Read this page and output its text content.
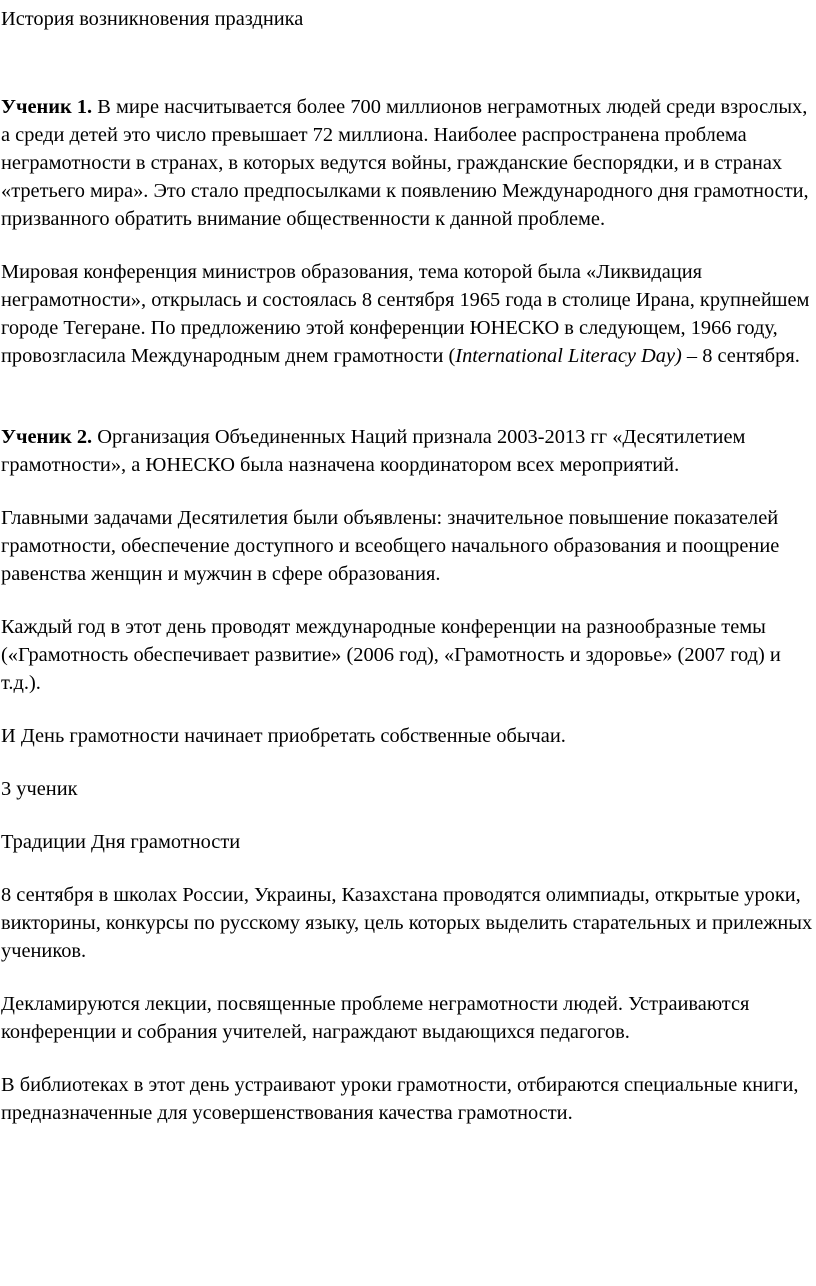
История возникновения праздника

Ученик 1. В мире насчитывается более 700 миллионов неграмотных людей среди взрослых, а среди детей это число превышает 72 миллиона. Наиболее распространена проблема неграмотности в странах, в которых ведутся войны, гражданские беспорядки, и в странах «третьего мира». Это стало предпосылками к появлению Международного дня грамотности, призванного обратить внимание общественности к данной проблеме.

Мировая конференция министров образования, тема которой была «Ликвидация неграмотности», открылась и состоялась 8 сентября 1965 года в столице Ирана, крупнейшем городе Тегеране. По предложению этой конференции ЮНЕСКО в следующем, 1966 году, провозгласила Международным днем грамотности (International Literacy Day) – 8 сентября.

Ученик 2. Организация Объединенных Наций признала 2003-2013 гг «Десятилетием грамотности», а ЮНЕСКО была назначена координатором всех мероприятий.

Главными задачами Десятилетия были объявлены: значительное повышение показателей грамотности, обеспечение доступного и всеобщего начального образования и поощрение равенства женщин и мужчин в сфере образования.

Каждый год в этот день проводят международные конференции на разнообразные темы («Грамотность обеспечивает развитие» (2006 год), «Грамотность и здоровье» (2007 год) и т.д.).

И День грамотности начинает приобретать собственные обычаи.

3 ученик

Традиции Дня грамотности

8 сентября в школах России, Украины, Казахстана проводятся олимпиады, открытые уроки, викторины, конкурсы по русскому языку, цель которых выделить старательных и прилежных учеников.

Декламируются лекции, посвященные проблеме неграмотности людей. Устраиваются конференции и собрания учителей, награждают выдающихся педагогов.

В библиотеках в этот день устраивают уроки грамотности, отбираются специальные книги, предназначенные для усовершенствования качества грамотности.
